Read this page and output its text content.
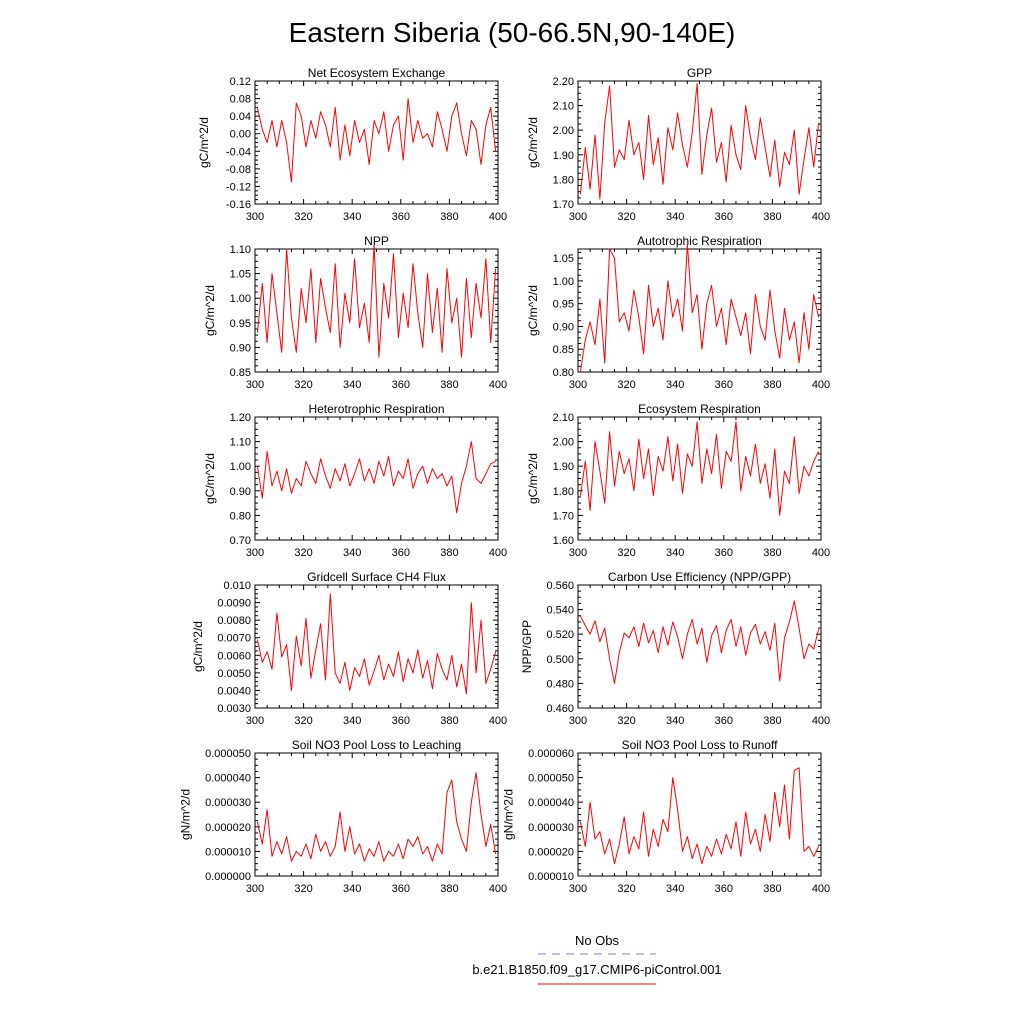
Eastern Siberia (50-66.5N,90-140E)
Net Ecosystem Exchange
300	320	340	360	380	400
-0.16
-0.12
-0.08
-0.04
0.00
0.04
0.08
0.12
gC/m^2/d
GPP
300	320	340	360	380	400
1.70
1.80
1.90
2.00
2.10
2.20
gC/m^2/d
NPP
300	320	340	360	380	400
0.85
0.90
0.95
1.00
1.05
1.10
gC/m^2/d
Autotrophic Respiration
300	320	340	360	380	400
0.80
0.85
0.90
0.95
1.00
1.05
gC/m^2/d
Heterotrophic Respiration
300	320	340	360	380	400
0.70
0.80
0.90
1.00
1.10
1.20
gC/m^2/d
Ecosystem Respiration
300	320	340	360	380	400
1.60
1.70
1.80
1.90
2.00
2.10
gC/m^2/d
Gridcell Surface CH4 Flux
300	320	340	360	380	400
0.0030
0.0040
0.0050
0.0060
0.0070
0.0080
0.0090
0.010
gC/m^2/d
Carbon Use Efficiency (NPP/GPP)
300	320	340	360	380	400
0.460
0.480
0.500
0.520
0.540
0.560
NPP/GPP
Soil NO3 Pool Loss to Leaching
300	320	340	360	380	400
0.000000
0.000010
0.000020
0.000030
0.000040
0.000050
gN/m^2/d
Soil NO3 Pool Loss to Runoff
300	320	340	360	380	400
0.000010
0.000020
0.000030
0.000040
0.000050
0.000060
gN/m^2/d
No Obs
b.e21.B1850.f09_g17.CMIP6-piControl.001
